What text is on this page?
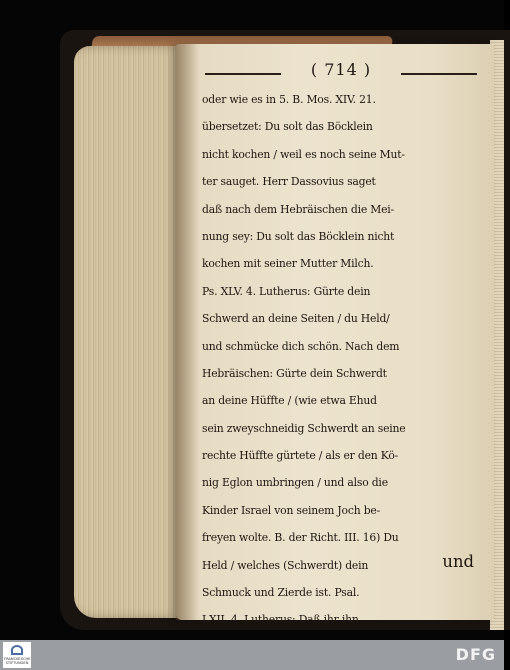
( 714 )
oder wie es in 5. B. Mos. XIV. 21.
übersetzet: Du solt das Böcklein
nicht kochen / weil es noch seine Mut-
ter sauget. Herr Dassovius saget
daß nach dem Hebräischen die Mei-
nung sey: Du solt das Böcklein nicht
kochen mit seiner Mutter Milch.
Ps. XLV. 4. Lutherus: Gürte dein
Schwerd an deine Seiten / du Held/
und schmücke dich schön. Nach dem
Hebräischen: Gürte dein Schwerdt
an deine Hüffte / (wie etwa Ehud
sein zweyschneidig Schwerdt an seine
rechte Hüffte gürtete / als er den Kö-
nig Eglon umbringen / und also die
Kinder Israel von seinem Joch be-
freyen wolte. B. der Richt. III. 16) Du
Held / welches (Schwerdt) dein
Schmuck und Zierde ist. Psal.
LXII. 4. Lutherus: Daß ihr ihn
und
FRANCKESCHE STIFTUNGEN	DFG
